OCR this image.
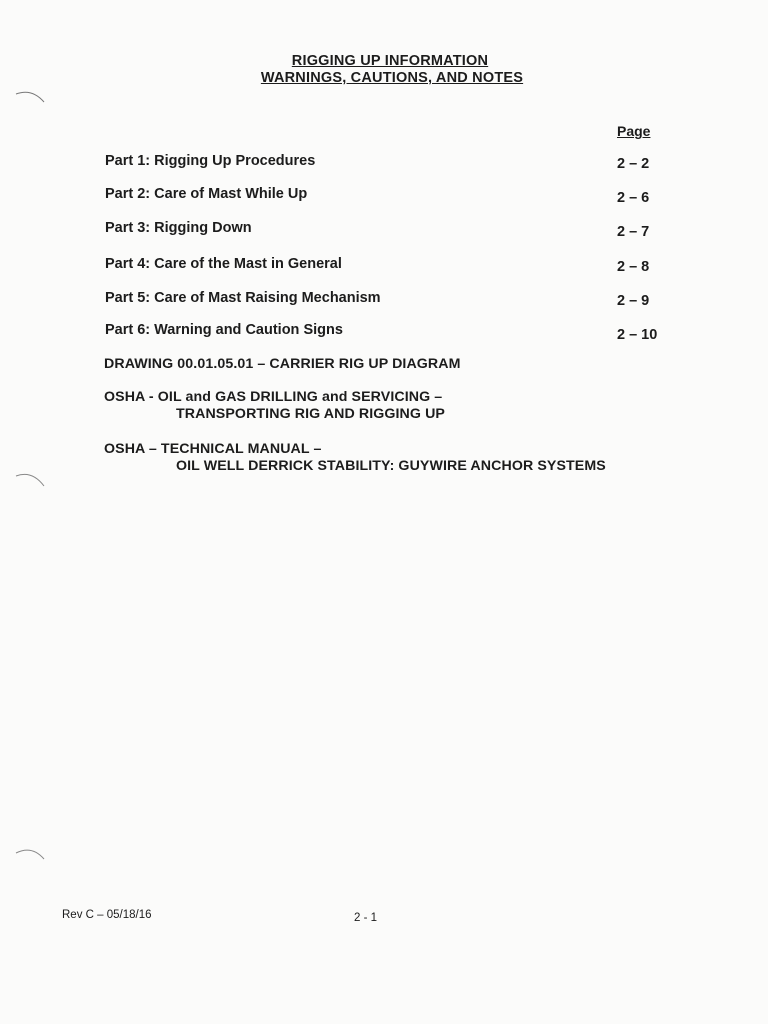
RIGGING UP INFORMATION
WARNINGS, CAUTIONS, AND NOTES
Page
Part 1: Rigging Up Procedures	2 – 2
Part 2: Care of Mast While Up	2 – 6
Part 3: Rigging Down	2 – 7
Part 4: Care of the Mast in General	2 – 8
Part 5: Care of Mast Raising Mechanism	2 – 9
Part 6: Warning and Caution Signs	2 – 10
DRAWING 00.01.05.01 – CARRIER RIG UP DIAGRAM
OSHA - OIL and GAS DRILLING and SERVICING –
TRANSPORTING RIG AND RIGGING UP
OSHA – TECHNICAL MANUAL –
OIL WELL DERRICK STABILITY: GUYWIRE ANCHOR SYSTEMS
Rev C – 05/18/16	2 - 1
